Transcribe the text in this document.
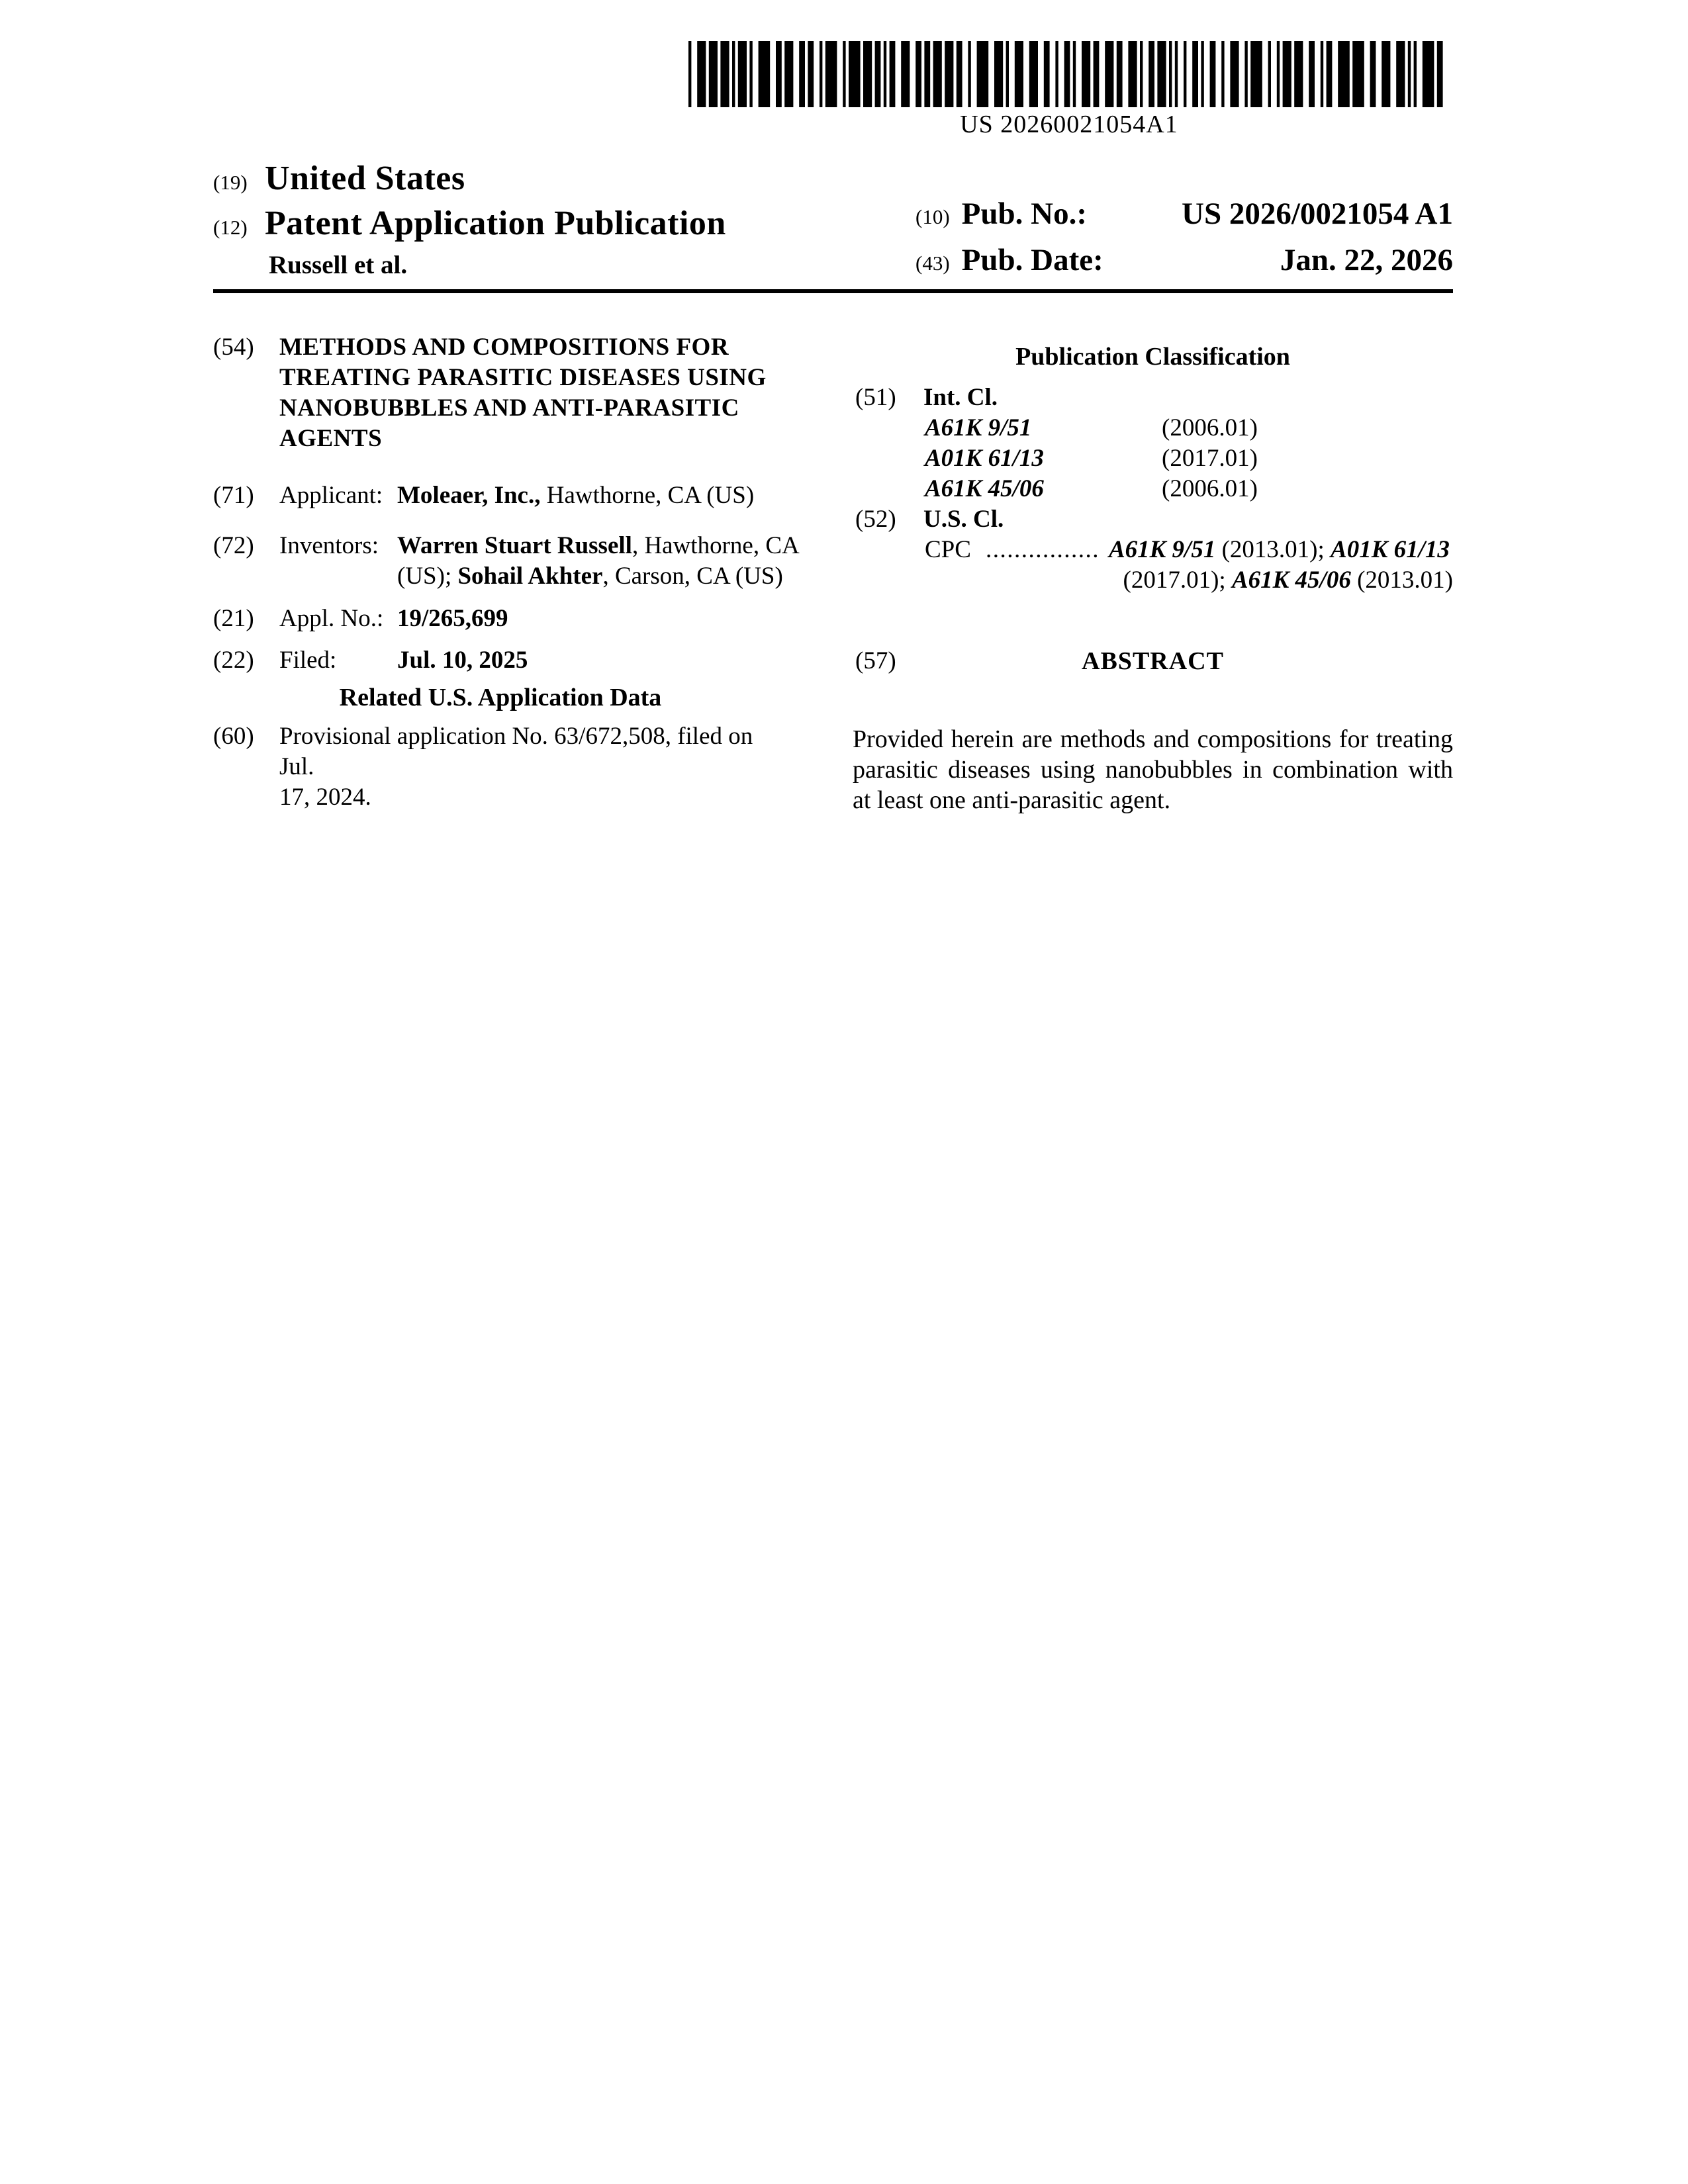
US 20260021054A1
(19) United States
(12) Patent Application Publication
Russell et al.
(10) Pub. No.:	US 2026/0021054 A1
(43) Pub. Date:	Jan. 22, 2026
(54)	METHODS AND COMPOSITIONS FOR
TREATING PARASITIC DISEASES USING
NANOBUBBLES AND ANTI-PARASITIC
AGENTS
(71)	Applicant: Moleaer, Inc., Hawthorne, CA (US)
(72)	Inventors: Warren Stuart Russell, Hawthorne, CA (US); Sohail Akhter, Carson, CA (US)
(21)	Appl. No.: 19/265,699
(22)	Filed:	Jul. 10, 2025
Related U.S. Application Data
(60)	Provisional application No. 63/672,508, filed on Jul.
17, 2024.
Publication Classification
(51)	Int. Cl.
A61K 9/51	(2006.01)
A01K 61/13	(2017.01)
A61K 45/06	(2006.01)
(52)	U.S. Cl.
CPC ................ A61K 9/51 (2013.01); A01K 61/13
(2017.01); A61K 45/06 (2013.01)
(57)	ABSTRACT

Provided herein are methods and compositions for treating parasitic diseases using nanobubbles in combination with at least one anti-parasitic agent.
